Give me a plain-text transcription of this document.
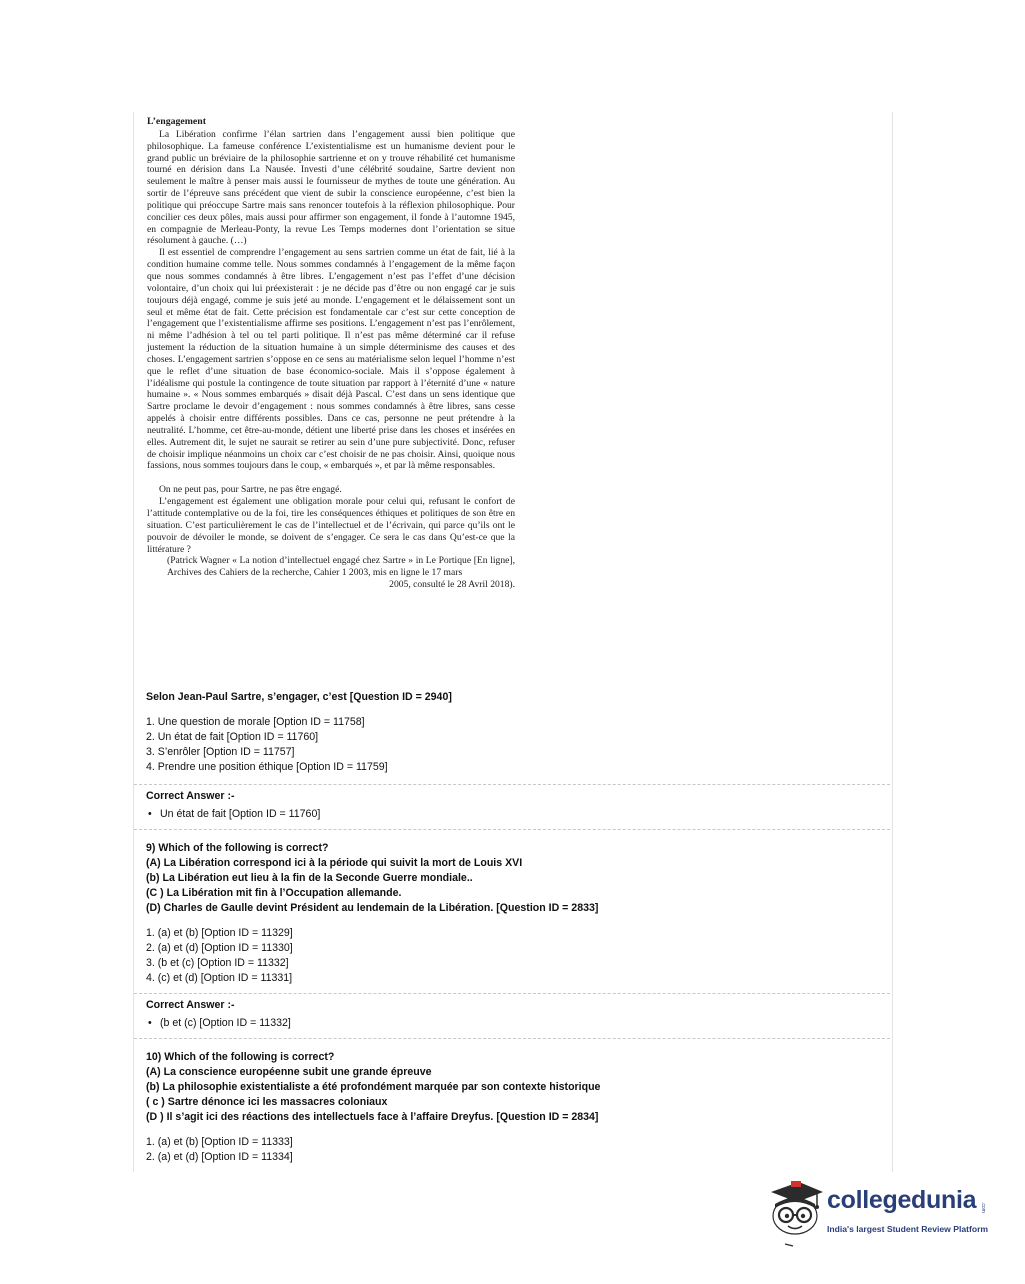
L’engagement

La Libération confirme l’élan sartrien dans l’engagement aussi bien politique que philosophique. La fameuse conférence L’existentialisme est un humanisme devient pour le grand public un bréviaire de la philosophie sartrienne et on y trouve réhabilité cet humanisme tourné en dérision dans La Nausée. Investi d’une célébrité soudaine, Sartre devient non seulement le maître à penser mais aussi le fournisseur de mythes de toute une génération. Au sortir de l’épreuve sans précédent que vient de subir la conscience européenne, c’est bien la politique qui préoccupe Sartre mais sans renoncer toutefois à la réflexion philosophique. Pour concilier ces deux pôles, mais aussi pour affirmer son engagement, il fonde à l’automne 1945, en compagnie de Merleau-Ponty, la revue Les Temps modernes dont l’orientation se situe résolument à gauche. (…)

Il est essentiel de comprendre l’engagement au sens sartrien comme un état de fait, lié à la condition humaine comme telle. Nous sommes condamnés à l’engagement de la même façon que nous sommes condamnés à être libres. L’engagement n’est pas l’effet d’une décision volontaire, d’un choix qui lui préexisterait : je ne décide pas d’être ou non engagé car je suis toujours déjà engagé, comme je suis jeté au monde. L’engagement et le délaissement sont un seul et même état de fait. Cette précision est fondamentale car c’est sur cette conception de l’engagement que l’existentialisme affirme ses positions. L’engagement n’est pas l’enrôlement, ni même l’adhésion à tel ou tel parti politique. Il n’est pas même déterminé car il refuse justement la réduction de la situation humaine à un simple déterminisme des causes et des choses. L’engagement sartrien s’oppose en ce sens au matérialisme selon lequel l’homme n’est que le reflet d’une situation de base économico-sociale. Mais il s’oppose également à l’idéalisme qui postule la contingence de toute situation par rapport à l’éternité d’une « nature humaine ». « Nous sommes embarqués » disait déjà Pascal. C’est dans un sens identique que Sartre proclame le devoir d’engagement : nous sommes condamnés à être libres, sans cesse appelés à choisir entre différents possibles. Dans ce cas, personne ne peut prétendre à la neutralité. L’homme, cet être-au-monde, détient une liberté prise dans les choses et insérées en elles. Autrement dit, le sujet ne saurait se retirer au sein d’une pure subjectivité. Donc, refuser de choisir implique néanmoins un choix car c’est choisir de ne pas choisir. Ainsi, quoique nous fassions, nous sommes toujours dans le coup, « embarqués », et par là même responsables.

On ne peut pas, pour Sartre, ne pas être engagé.

L’engagement est également une obligation morale pour celui qui, refusant le confort de l’attitude contemplative ou de la foi, tire les conséquences éthiques et politiques de son être en situation. C’est particulièrement le cas de l’intellectuel et de l’écrivain, qui parce qu’ils ont le pouvoir de dévoiler le monde, se doivent de s’engager. Ce sera le cas dans Qu’est-ce que la littérature ?

(Patrick Wagner « La notion d’intellectuel engagé chez Sartre » in Le Portique [En ligne], Archives des Cahiers de la recherche, Cahier 1 2003, mis en ligne le 17 mars

2005, consulté le 28 Avril 2018).

Selon Jean-Paul Sartre, s’engager, c’est [Question ID = 2940]

1. Une question de morale [Option ID = 11758]
2. Un état de fait [Option ID = 11760]
3. S’enrôler [Option ID = 11757]
4. Prendre une position éthique [Option ID = 11759]

Correct Answer :-

• Un état de fait [Option ID = 11760]

9) Which of the following is correct?

(A) La Libération correspond ici à la période qui suivit la mort de Louis XVI

(b) La Libération eut lieu à la fin de la Seconde Guerre mondiale..

(C ) La Libération mit fin à l’Occupation allemande.

(D) Charles de Gaulle devint Président au lendemain de la Libération. [Question ID = 2833]

1. (a) et (b) [Option ID = 11329]
2. (a) et (d) [Option ID = 11330]
3. (b et (c) [Option ID = 11332]
4. (c) et (d) [Option ID = 11331]

Correct Answer :-

• (b et (c) [Option ID = 11332]

10) Which of the following is correct?

(A) La conscience européenne subit une grande épreuve

(b) La philosophie existentialiste a été profondément marquée par son contexte historique

( c ) Sartre dénonce ici les massacres coloniaux

(D ) Il s’agit ici des réactions des intellectuels face à l’affaire Dreyfus. [Question ID = 2834]

1. (a) et (b) [Option ID = 11333]
2. (a) et (d) [Option ID = 11334]
collegedunia .com
India's largest Student Review Platform
